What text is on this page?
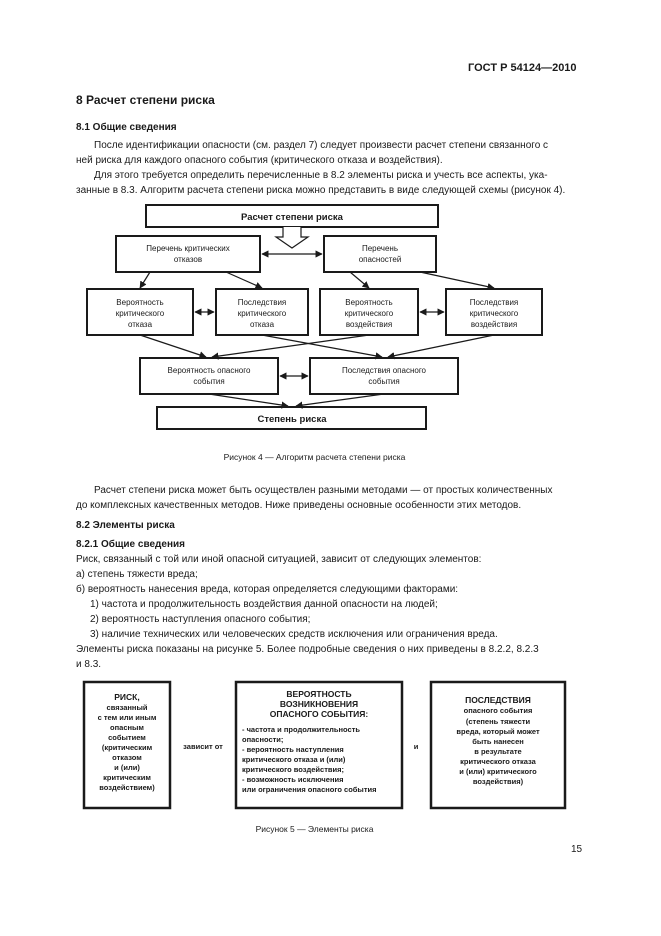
ГОСТ Р 54124—2010
8 Расчет степени риска
8.1 Общие сведения
После идентификации опасности (см. раздел 7) следует произвести расчет степени связанного с
ней риска для каждого опасного события (критического отказа и воздействия).
Для этого требуется определить перечисленные в 8.2 элементы риска и учесть все аспекты, ука-
занные в 8.3. Алгоритм расчета степени риска можно представить в виде следующей схемы (рисунок 4).
Расчет степени риска
Перечень критических
отказов
Перечень
опасностей
Вероятность
критического
отказа
Последствия
критического
отказа
Вероятность
критического
воздействия
Последствия
критического
воздействия
Вероятность опасного
события
Последствия опасного
события
Степень риска
Рисунок 4 — Алгоритм расчета степени риска
Расчет степени риска может быть осуществлен разными методами — от простых количественных
до комплексных качественных методов. Ниже приведены основные особенности этих методов.
8.2 Элементы риска
8.2.1 Общие сведения
Риск, связанный с той или иной опасной ситуацией, зависит от следующих элементов:
а) степень тяжести вреда;
б) вероятность нанесения вреда, которая определяется следующими факторами:
1) частота и продолжительность воздействия данной опасности на людей;
2) вероятность наступления опасного события;
3) наличие технических или человеческих средств исключения или ограничения вреда.
Элементы риска показаны на рисунке 5. Более подробные сведения о них приведены в 8.2.2, 8.2.3
и 8.3.
РИСК,
связанный
с тем или иным
опасным
событием
(критическим
отказом
и (или)
критическим
воздействием)
зависит от
ВЕРОЯТНОСТЬ
ВОЗНИКНОВЕНИЯ
ОПАСНОГО СОБЫТИЯ:
- частота и продолжительность
опасности;
- вероятность наступления
критического отказа и (или)
критического воздействия;
- возможность исключения
или ограничения опасного события
и
ПОСЛЕДСТВИЯ
опасного события
(степень тяжести
вреда, который может
быть нанесен
в результате
критического отказа
и (или) критического
воздействия)
Рисунок 5 — Элементы риска
15
